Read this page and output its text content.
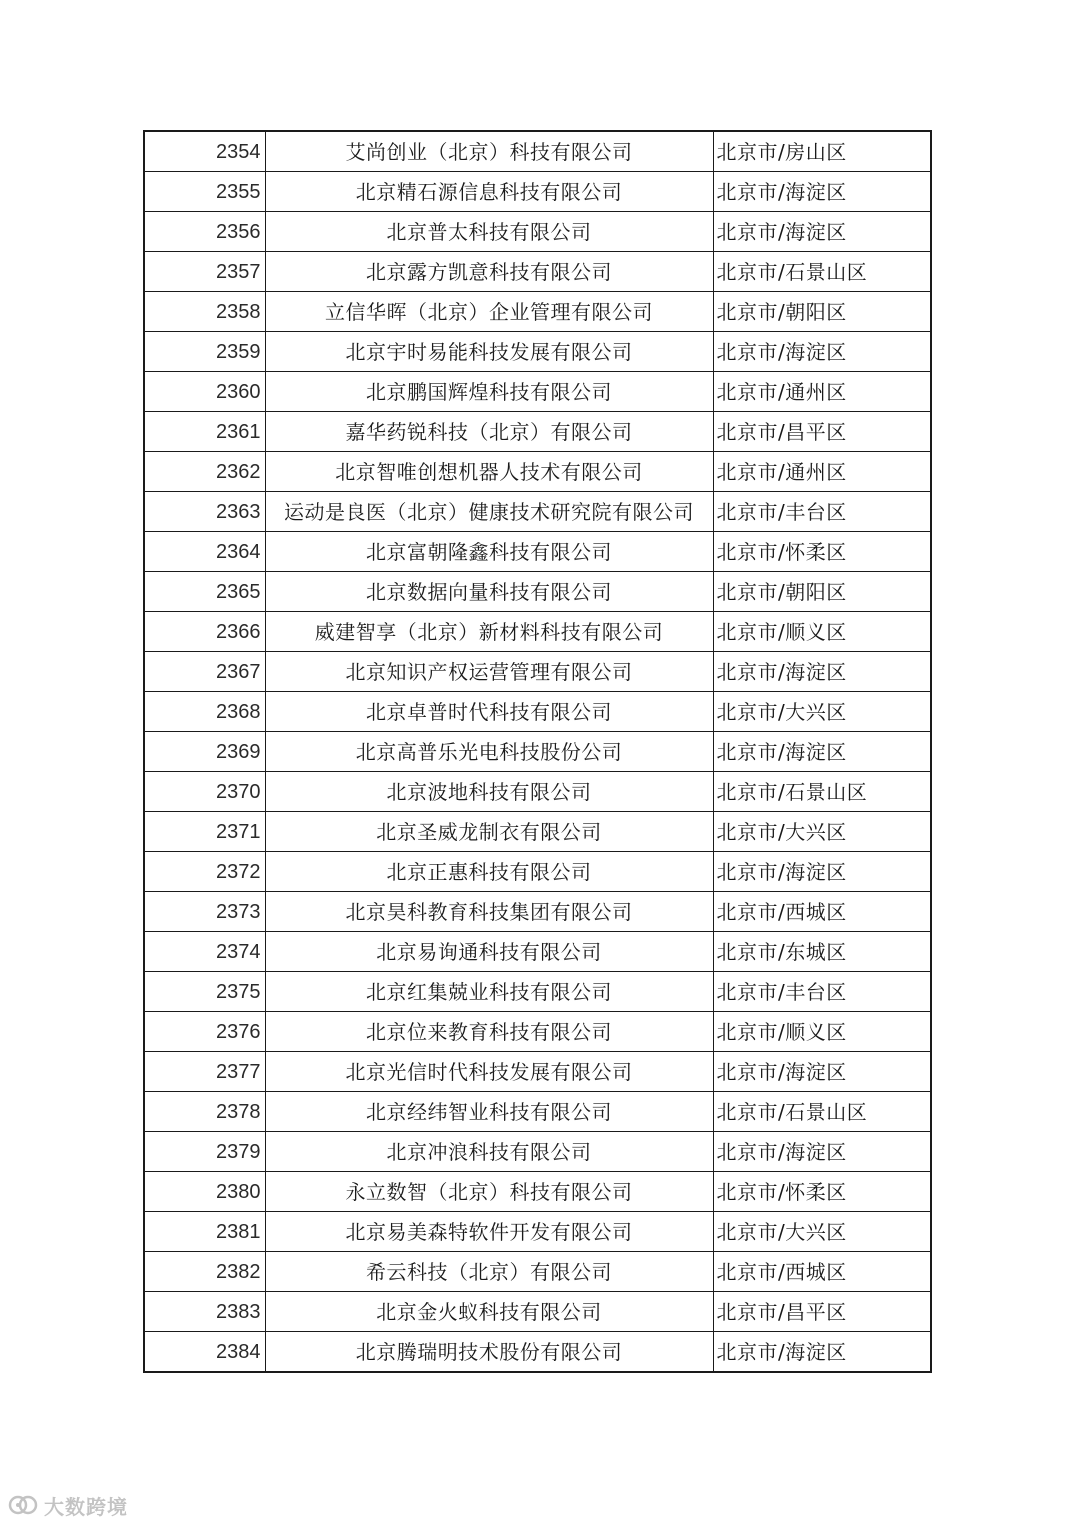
2354	艾尚创业（北京）科技有限公司	北京市/房山区
2355	北京精石源信息科技有限公司	北京市/海淀区
2356	北京普太科技有限公司	北京市/海淀区
2357	北京露方凯意科技有限公司	北京市/石景山区
2358	立信华晖（北京）企业管理有限公司	北京市/朝阳区
2359	北京宇时易能科技发展有限公司	北京市/海淀区
2360	北京鹏国辉煌科技有限公司	北京市/通州区
2361	嘉华药锐科技（北京）有限公司	北京市/昌平区
2362	北京智唯创想机器人技术有限公司	北京市/通州区
2363	运动是良医（北京）健康技术研究院有限公司	北京市/丰台区
2364	北京富朝隆鑫科技有限公司	北京市/怀柔区
2365	北京数据向量科技有限公司	北京市/朝阳区
2366	威建智享（北京）新材料科技有限公司	北京市/顺义区
2367	北京知识产权运营管理有限公司	北京市/海淀区
2368	北京卓普时代科技有限公司	北京市/大兴区
2369	北京高普乐光电科技股份公司	北京市/海淀区
2370	北京波地科技有限公司	北京市/石景山区
2371	北京圣威龙制衣有限公司	北京市/大兴区
2372	北京正惠科技有限公司	北京市/海淀区
2373	北京昊科教育科技集团有限公司	北京市/西城区
2374	北京易询通科技有限公司	北京市/东城区
2375	北京红集兢业科技有限公司	北京市/丰台区
2376	北京位来教育科技有限公司	北京市/顺义区
2377	北京光信时代科技发展有限公司	北京市/海淀区
2378	北京经纬智业科技有限公司	北京市/石景山区
2379	北京冲浪科技有限公司	北京市/海淀区
2380	永立数智（北京）科技有限公司	北京市/怀柔区
2381	北京易美森特软件开发有限公司	北京市/大兴区
2382	希云科技（北京）有限公司	北京市/西城区
2383	北京金火蚁科技有限公司	北京市/昌平区
2384	北京腾瑞明技术股份有限公司	北京市/海淀区
大数跨境
